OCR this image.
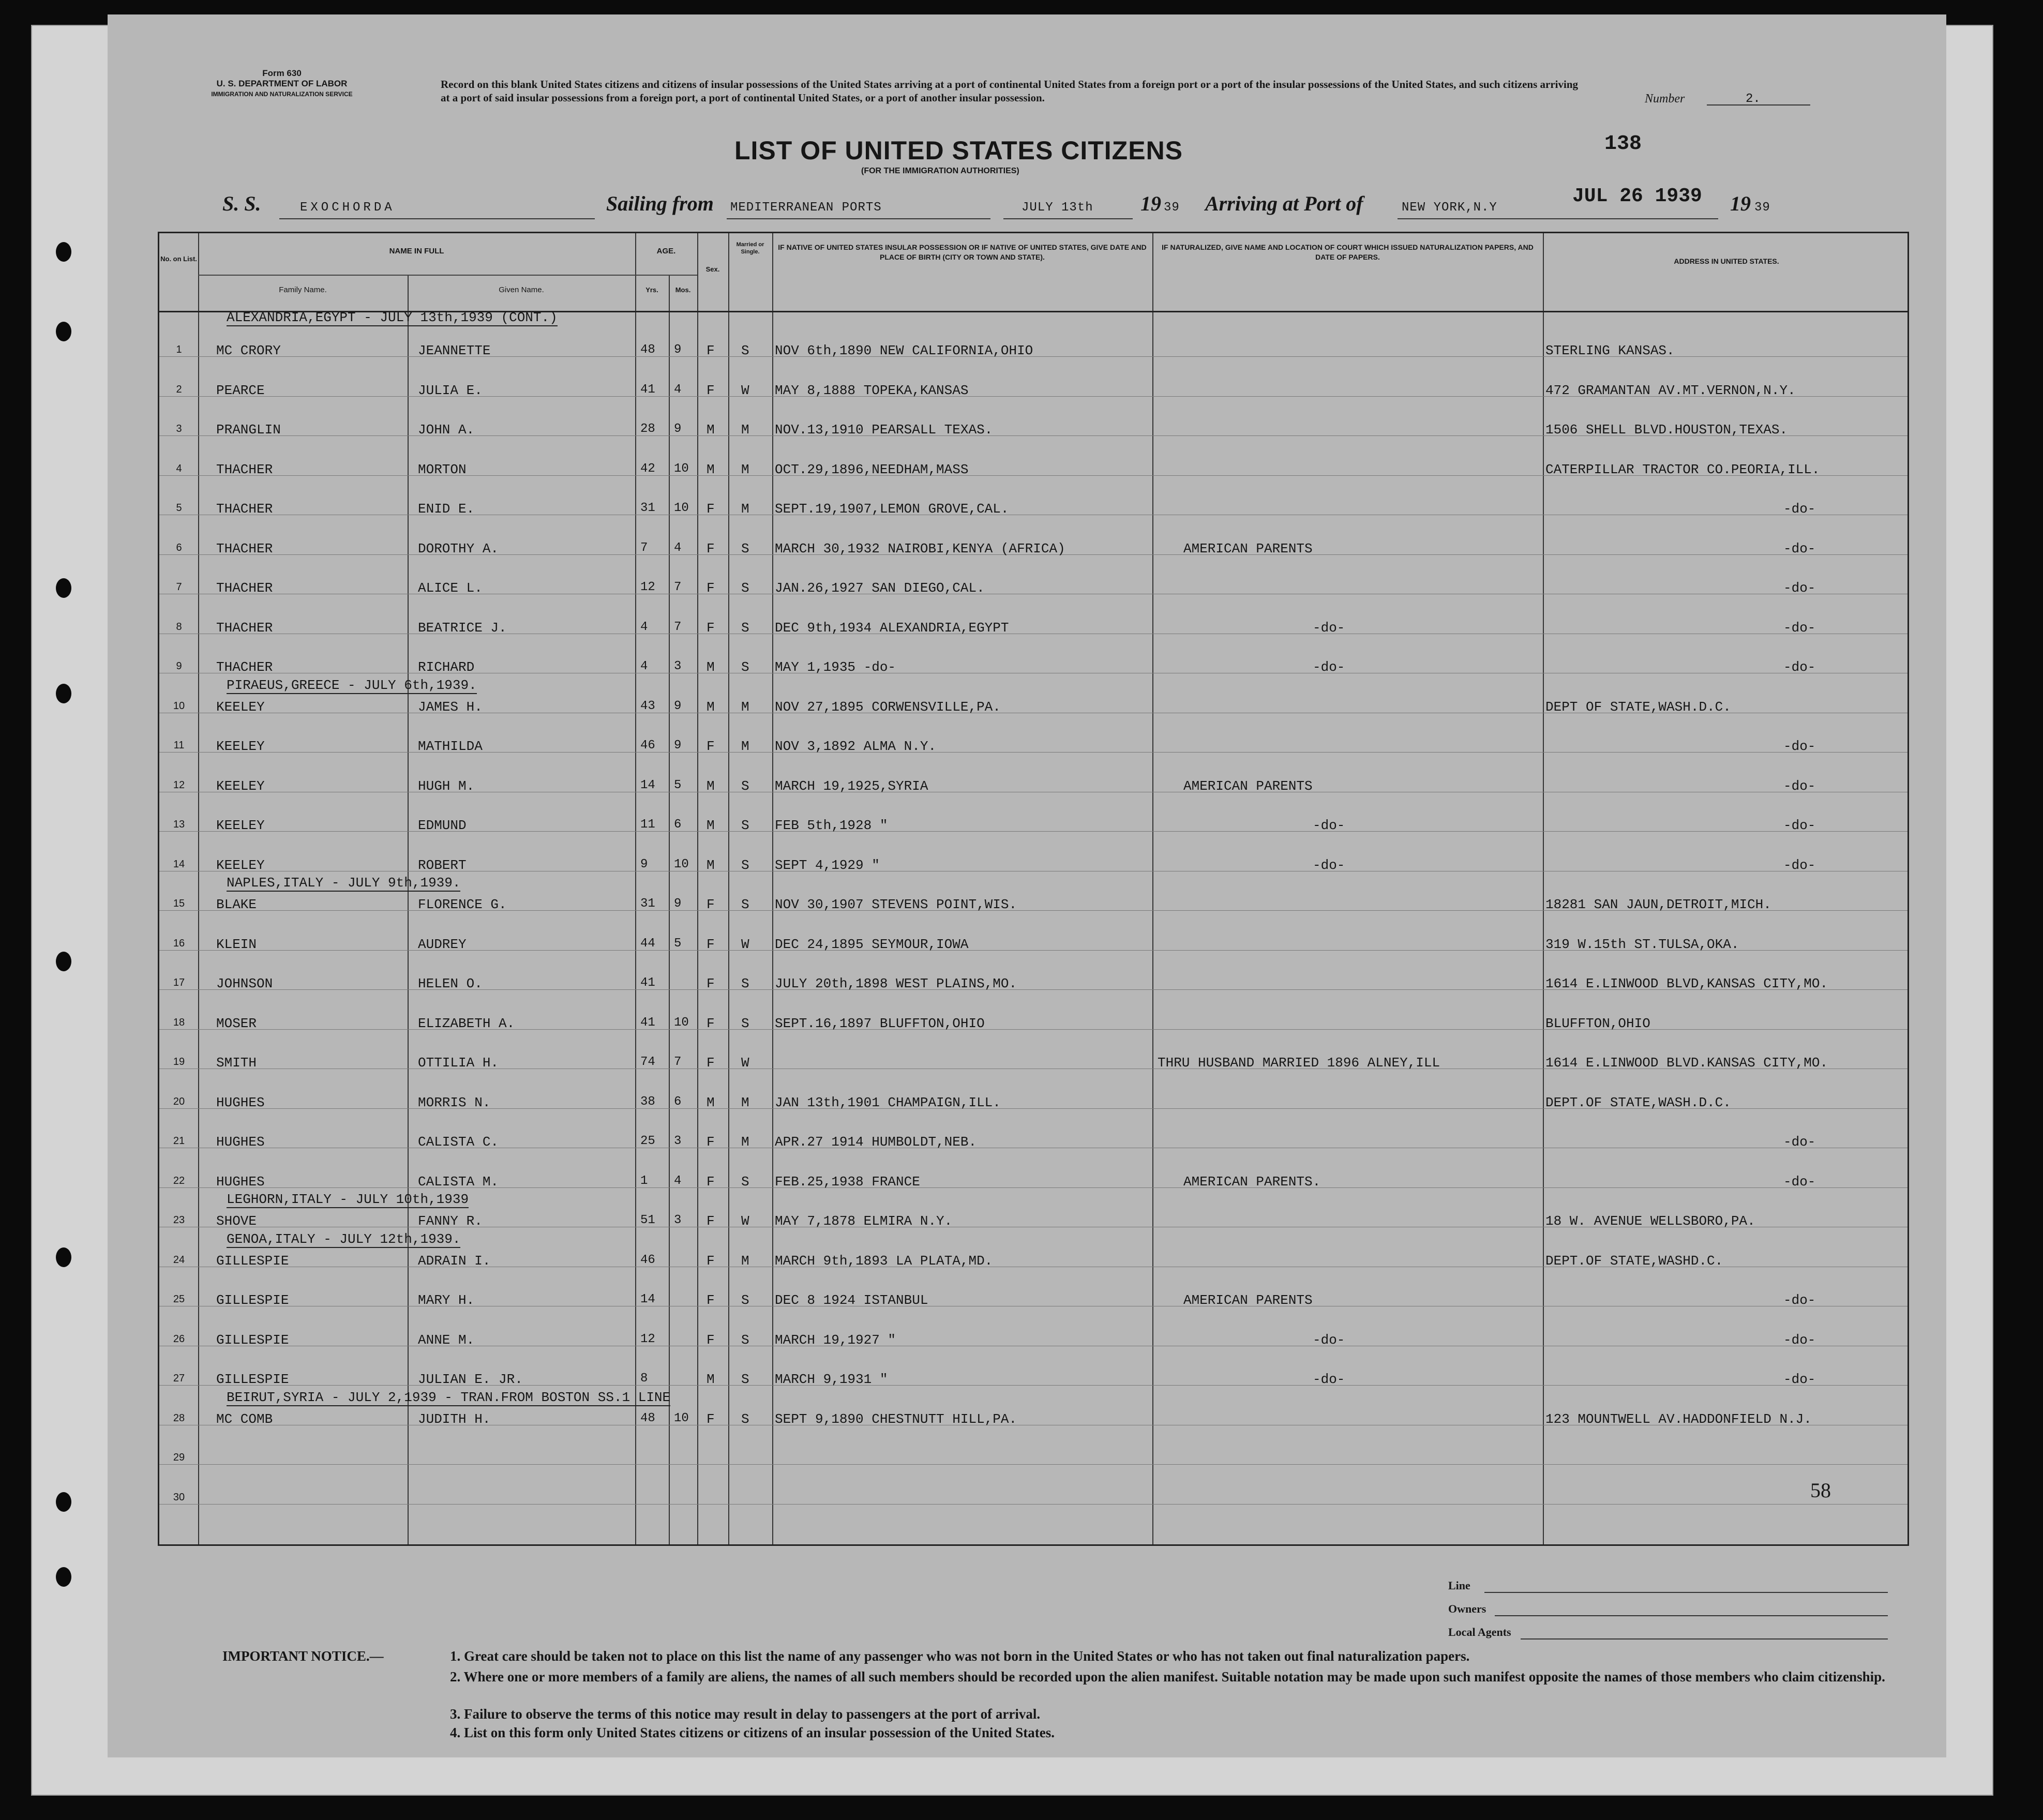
Form 630
U. S. DEPARTMENT OF LABOR
IMMIGRATION AND NATURALIZATION SERVICE
Record on this blank United States citizens and citizens of insular possessions of the United States arriving at a port of continental United States from a foreign port or a port of the insular possessions of the United States, and such citizens arriving at a port of said insular possessions from a foreign port, a port of continental United States, or a port of another insular possession.	Number	2.
138
LIST OF UNITED STATES CITIZENS
(FOR THE IMMIGRATION AUTHORITIES)
S. S.	EXOCHORDA	Sailing from MEDITERRANEAN PORTS	JULY 13th 19 39 Arriving at Port of	NEW YORK,N.Y
JUL 26 1939 19 39
No. on List.
NAME IN FULL
Family Name.	Given Name.
AGE.
Yrs.	Mos.
Sex.
Married or Single.
IF NATIVE OF UNITED STATES INSULAR POSSESSION OR IF NATIVE OF UNITED STATES, GIVE DATE AND PLACE OF BIRTH (CITY OR TOWN AND STATE).
IF NATURALIZED, GIVE NAME AND LOCATION OF COURT WHICH ISSUED NATURALIZATION PAPERS, AND DATE OF PAPERS.	ADDRESS IN UNITED STATES.
1	MC CRORY	JEANNETTE	48 9 F S NOV 6th,1890 NEW CALIFORNIA,OHIO	STERLING KANSAS.
2	PEARCE	JULIA E.	41 4 F W MAY 8,1888 TOPEKA,KANSAS	472 GRAMANTAN AV.MT.VERNON,N.Y.
3	PRANGLIN	JOHN A.	28 9 M M NOV.13,1910 PEARSALL TEXAS.	1506 SHELL BLVD.HOUSTON,TEXAS.
4	THACHER	MORTON	42 10 M M OCT.29,1896,NEEDHAM,MASS	CATERPILLAR TRACTOR CO.PEORIA,ILL.
5	THACHER	ENID E.	31 10 F M SEPT.19,1907,LEMON GROVE,CAL.	-do-
6	THACHER	DOROTHY A.	7 4 F S MARCH 30,1932 NAIROBI,KENYA (AFRICA)	AMERICAN PARENTS	-do-
7	THACHER	ALICE L.	12 7 F S JAN.26,1927 SAN DIEGO,CAL.	-do-
8	THACHER	BEATRICE J.	4 7 F S DEC 9th,1934 ALEXANDRIA,EGYPT	-do-	-do-
9	THACHER	RICHARD	4 3 M S MAY 1,1935 -do-	-do-	-do-
10	KEELEY	JAMES H.	43 9 M M NOV 27,1895 CORWENSVILLE,PA.	DEPT OF STATE,WASH.D.C.
11	KEELEY	MATHILDA	46 9 F M NOV 3,1892 ALMA N.Y.	-do-
12	KEELEY	HUGH M.	14 5 M S MARCH 19,1925,SYRIA	AMERICAN PARENTS	-do-
13	KEELEY	EDMUND	11 6 M S FEB 5th,1928 "	-do-	-do-
14	KEELEY	ROBERT	9 10 M S SEPT 4,1929 "	-do-	-do-
15	BLAKE	FLORENCE G.	31 9 F S NOV 30,1907 STEVENS POINT,WIS.	18281 SAN JAUN,DETROIT,MICH.
16	KLEIN	AUDREY	44 5 F W DEC 24,1895 SEYMOUR,IOWA	319 W.15th ST.TULSA,OKA.
17	JOHNSON	HELEN O.	41	F S JULY 20th,1898 WEST PLAINS,MO.	1614 E.LINWOOD BLVD,KANSAS CITY,MO.
18	MOSER	ELIZABETH A.	41 10 F S SEPT.16,1897 BLUFFTON,OHIO	BLUFFTON,OHIO
19	SMITH	OTTILIA H.	74 7 F W	THRU HUSBAND MARRIED 1896 ALNEY,ILL	1614 E.LINWOOD BLVD.KANSAS CITY,MO.
20	HUGHES	MORRIS N.	38 6 M M JAN 13th,1901 CHAMPAIGN,ILL.	DEPT.OF STATE,WASH.D.C.
21	HUGHES	CALISTA C.	25 3 F M APR.27 1914 HUMBOLDT,NEB.	-do-
22	HUGHES	CALISTA M.	1 4 F S FEB.25,1938 FRANCE	AMERICAN PARENTS.	-do-
23	SHOVE	FANNY R.	51 3 F W MAY 7,1878 ELMIRA N.Y.	18 W. AVENUE WELLSBORO,PA.
24	GILLESPIE	ADRAIN I.	46	F M MARCH 9th,1893 LA PLATA,MD.	DEPT.OF STATE,WASHD.C.
25	GILLESPIE	MARY H.	14	F S DEC 8 1924 ISTANBUL	AMERICAN PARENTS	-do-
26	GILLESPIE	ANNE M.	12	F S MARCH 19,1927 "	-do-	-do-
27	GILLESPIE	JULIAN E. JR.	8	M S MARCH 9,1931 "	-do-	-do-
28	MC COMB	JUDITH H.	48 10 F S SEPT 9,1890 CHESTNUTT HILL,PA.	123 MOUNTWELL AV.HADDONFIELD N.J.
29
30
ALEXANDRIA,EGYPT - JULY 13th,1939 (CONT.)
PIRAEUS,GREECE - JULY 6th,1939.
NAPLES,ITALY - JULY 9th,1939.
LEGHORN,ITALY - JULY 10th,1939
GENOA,ITALY - JULY 12th,1939.
BEIRUT,SYRIA - JULY 2,1939 - TRAN.FROM BOSTON SS.1 LINE
58
Line
Owners
Local Agents
IMPORTANT NOTICE.—	1. Great care should be taken not to place on this list the name of any passenger who was not born in the United States or who has not taken out final naturalization papers.
2. Where one or more members of a family are aliens, the names of all such members should be recorded upon the alien manifest. Suitable notation may be made upon such manifest opposite the names of those members who claim citizenship.
3. Failure to observe the terms of this notice may result in delay to passengers at the port of arrival.
4. List on this form only United States citizens or citizens of an insular possession of the United States.
